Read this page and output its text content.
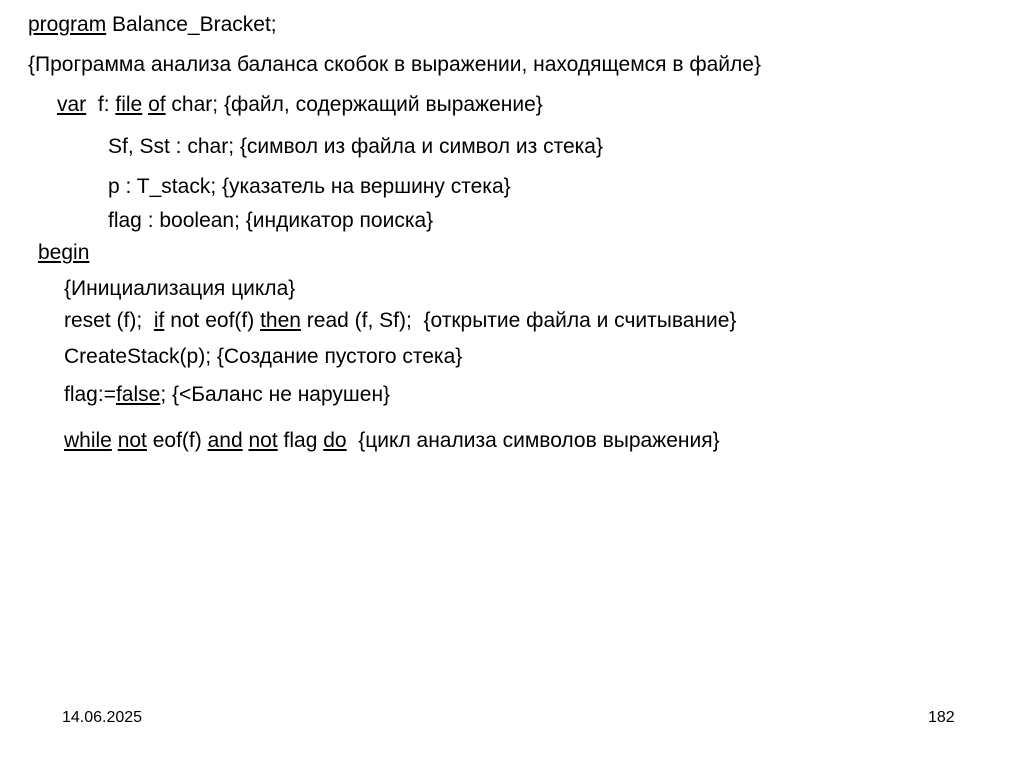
program Balance_Bracket;
{Программа анализа баланса скобок в выражении, находящемся в файле}
var  f: file of char; {файл, содержащий выражение}
Sf, Sst : char; {символ из файла и символ из стека}
p : T_stack; {указатель на вершину стека}
flag : boolean; {индикатор поиска}
begin
{Инициализация цикла}
reset (f);  if not eof(f) then read (f, Sf);  {открытие файла и считывание}
CreateStack(p); {Создание пустого стека}
flag:=false; {<Баланс не нарушен}
while not eof(f) and not flag do  {цикл анализа символов выражения}
14.06.2025	182
